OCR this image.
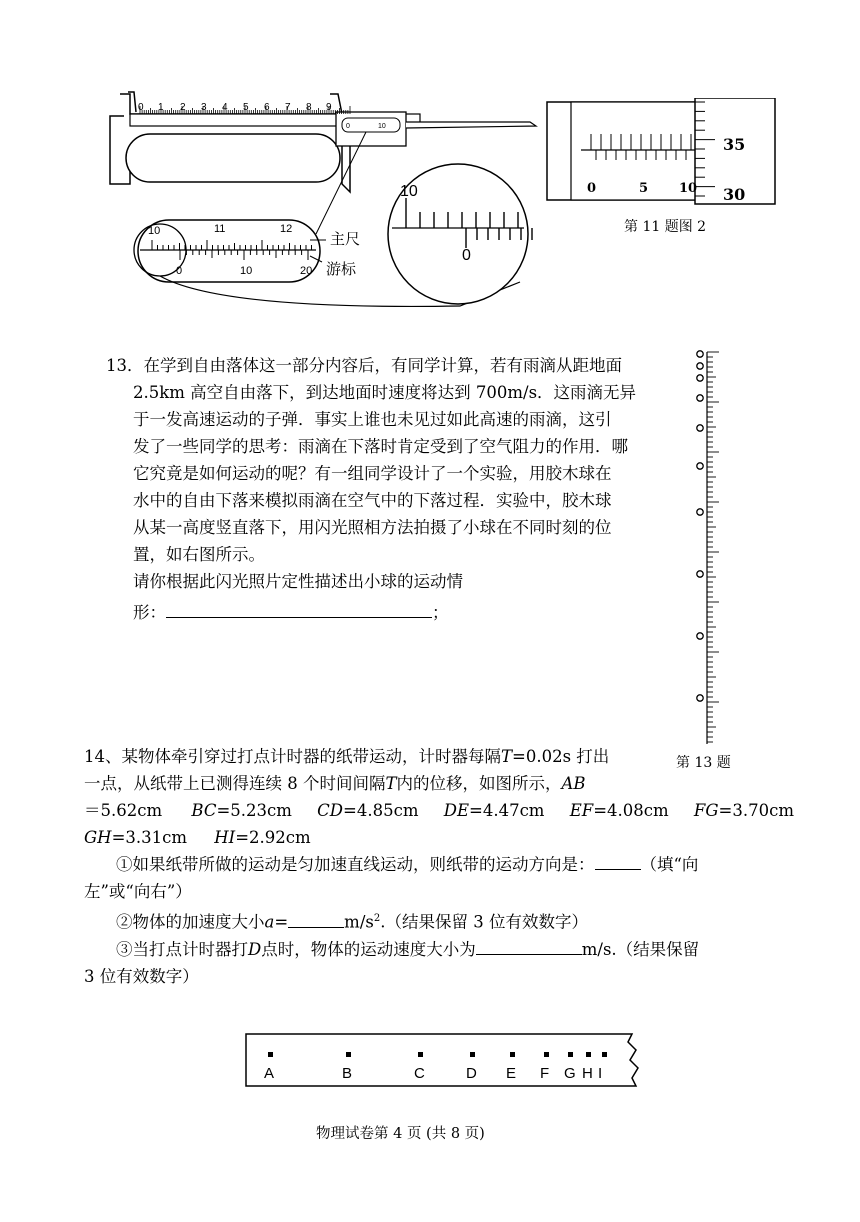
0 1 2 3 4 5 6 7 8 9
0	10
10	11	12
0	10	20
主尺
游标
10
0
0	5 10
35
30
第 11 题图 2
13．在学到自由落体这一部分内容后，有同学计算，若有雨滴从距地面
2.5km 高空自由落下，到达地面时速度将达到 700m/s．这雨滴无异
于一发高速运动的子弹．事实上谁也未见过如此高速的雨滴，这引
发了一些同学的思考：雨滴在下落时肯定受到了空气阻力的作用．哪
它究竟是如何运动的呢？有一组同学设计了一个实验，用胶木球在
水中的自由下落来模拟雨滴在空气中的下落过程．实验中，胶木球
从某一高度竖直落下，用闪光照相方法拍摄了小球在不同时刻的位
置，如右图所示。
请你根据此闪光照片定性描述出小球的运动情
形：	；
第 13 题
14、某物体牵引穿过打点计时器的纸带运动，计时器每隔T=0.02s 打出
一点，从纸带上已测得连续 8 个时间间隔T内的位移，如图所示，AB
＝5.62cm BC=5.23cm CD=4.85cm DE=4.47cm EF=4.08cm FG=3.70cm
GH=3.31cm HI=2.92cm
①如果纸带所做的运动是匀加速直线运动，则纸带的运动方向是：	（填“向
左”或“向右”）
②物体的加速度大小a=	$m/s^2$.（结果保留 3 位有效数字）
③当打点计时器打D点时，物体的运动速度大小为	m/s.（结果保留
3 位有效数字）
A	B	C	D E F G H I
物理试卷第 4 页 (共 8 页)
